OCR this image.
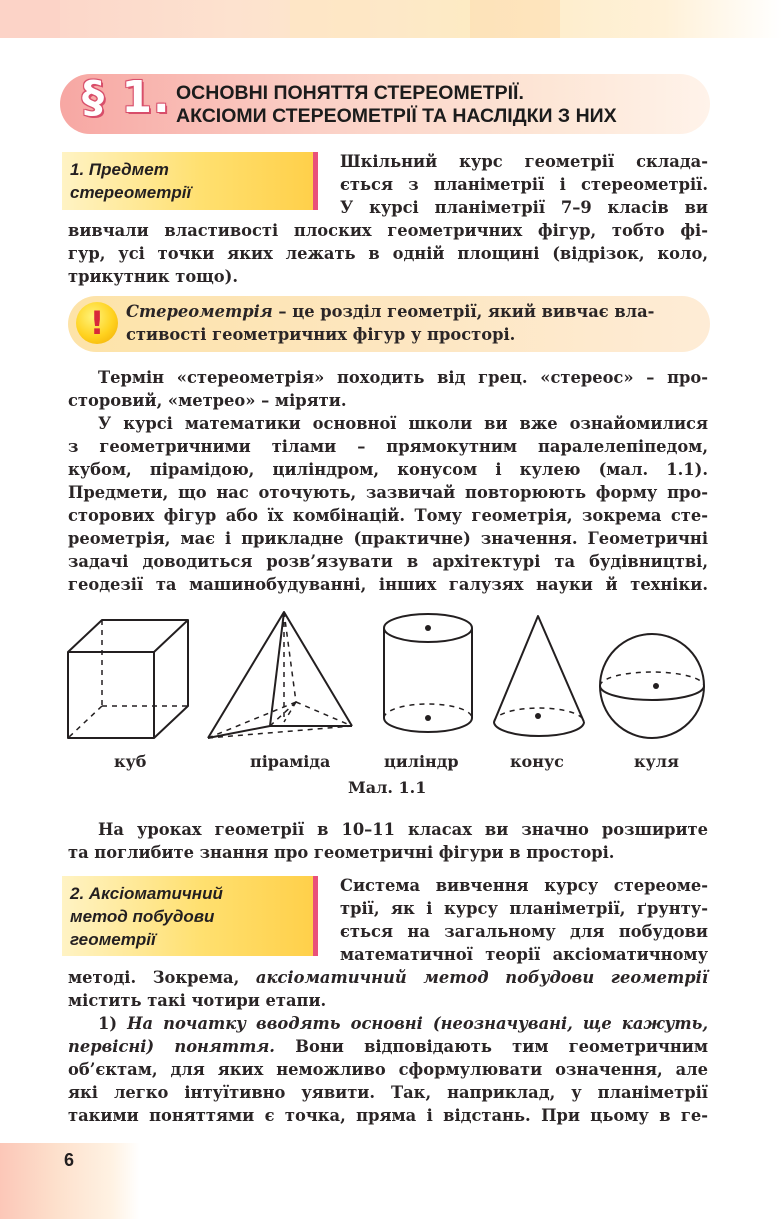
§ 1. ОСНОВНІ ПОНЯТТЯ СТЕРЕОМЕТРІЇ.
АКСІОМИ СТЕРЕОМЕТРІЇ ТА НАСЛІДКИ З НИХ
1. Предмет
стереометрії
Шкільний курс геометрії склада-
ється з планіметрії і стереометрії.
У курсі планіметрії 7–9 класів ви
вивчали властивості плоских геометричних фігур, тобто фі-
гур, усі точки яких лежать в одній площині (відрізок, коло,
трикутник тощо).
!	Стереометрія – це розділ геометрії, який вивчає вла-
стивості геометричних фігур у просторі.
Термін «стереометрія» походить від грец. «стереос» – про-
сторовий, «метрео» – міряти.
У курсі математики основної школи ви вже ознайомилися
з геометричними тілами – прямокутним паралелепіпедом,
кубом, пірамідою, циліндром, конусом і кулею (мал. 1.1).
Предмети, що нас оточують, зазвичай повторюють форму про-
сторових фігур або їх комбінацій. Тому геометрія, зокрема сте-
реометрія, має і прикладне (практичне) значення. Геометричні
задачі доводиться розв’язувати в архітектурі та будівництві,
геодезії та машинобудуванні, інших галузях науки й техніки.
куб	піраміда	циліндр	конус	куля
Мал. 1.1
На уроках геометрії в 10–11 класах ви значно розширите
та поглибите знання про геометричні фігури в просторі.
2. Аксіоматичний
метод побудови
геометрії
Система вивчення курсу стереоме-
трії, як і курсу планіметрії, ґрунту-
ється на загальному для побудови
математичної теорії аксіоматичному
методі. Зокрема, аксіоматичний метод побудови геометрії
містить такі чотири етапи.
1) На початку вводять основні (неозначувані, ще кажуть,
первісні) поняття. Вони відповідають тим геометричним
об’єктам, для яких неможливо сформулювати означення, але
які легко інтуїтивно уявити. Так, наприклад, у планіметрії
такими поняттями є точка, пряма і відстань. При цьому в ге-
6
